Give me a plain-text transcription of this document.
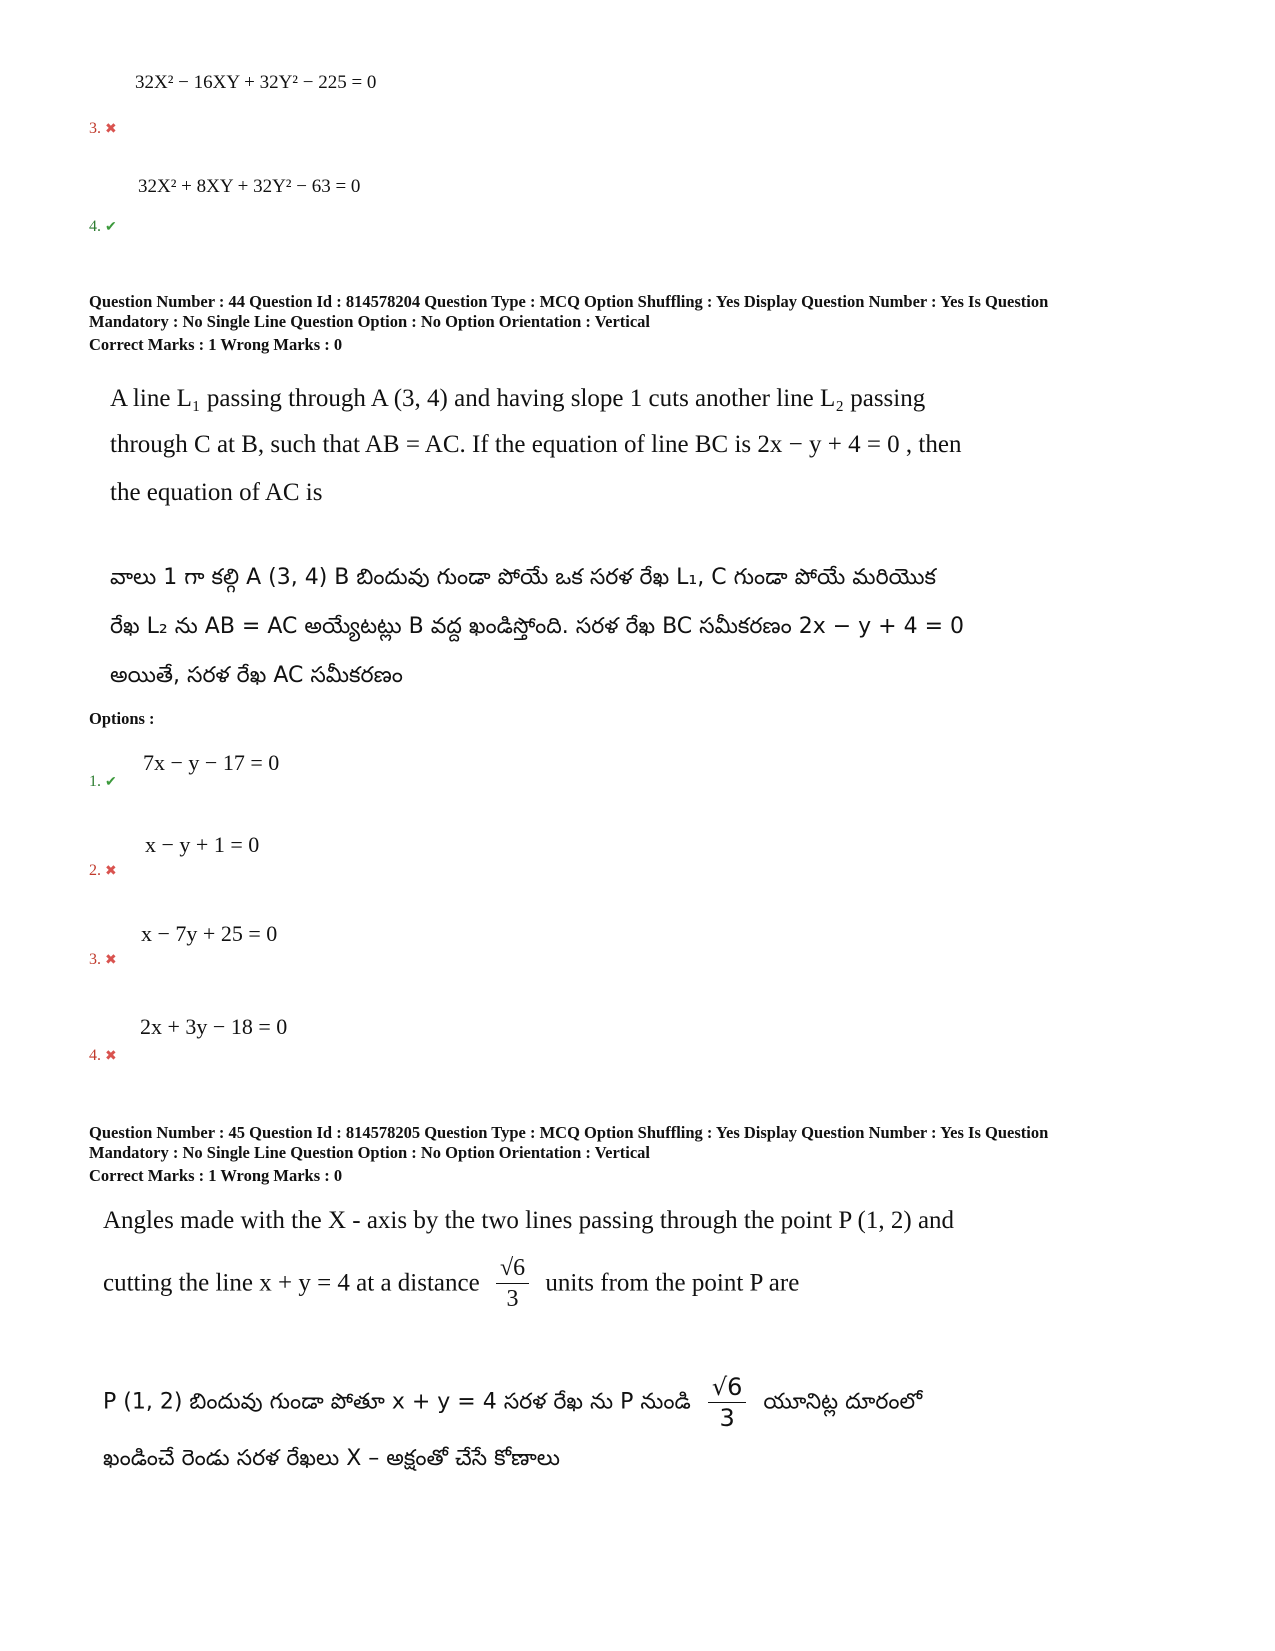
32X² − 16XY + 32Y² − 225 = 0
3. ✖
32X² + 8XY + 32Y² − 63 = 0
4. ✔
Question Number : 44 Question Id : 814578204 Question Type : MCQ Option Shuffling : Yes Display Question Number : Yes Is Question
Mandatory : No Single Line Question Option : No Option Orientation : Vertical
Correct Marks : 1 Wrong Marks : 0
A line L₁ passing through A (3, 4) and having slope 1 cuts another line L₂ passing
through C at B, such that AB = AC. If the equation of line BC is 2x − y + 4 = 0 , then
the equation of AC is
వాలు 1 గా కల్గి A (3, 4) B బిందువు గుండా పోయే ఒక సరళ రేఖ L₁, C గుండా పోయే మరియొక
రేఖ L₂ ను AB = AC అయ్యేటట్లు B వద్ద ఖండిస్తోంది. సరళ రేఖ BC సమీకరణం 2x − y + 4 = 0
అయితే, సరళ రేఖ AC సమీకరణం
Options :
7x − y − 17 = 0
1. ✔
x − y + 1 = 0
2. ✖
x − 7y + 25 = 0
3. ✖
2x + 3y − 18 = 0
4. ✖
Question Number : 45 Question Id : 814578205 Question Type : MCQ Option Shuffling : Yes Display Question Number : Yes Is Question
Mandatory : No Single Line Question Option : No Option Orientation : Vertical
Correct Marks : 1 Wrong Marks : 0
Angles made with the X - axis by the two lines passing through the point P (1, 2) and
cutting the line x + y = 4 at a distance $\frac{√6}{3}$ units from the point P are
P (1, 2) బిందువు గుండా పోతూ x + y = 4 సరళ రేఖ ను P నుండి $\frac{√6}{3}$ యూనిట్ల దూరంలో
ఖండించే రెండు సరళ రేఖలు X – అక్షంతో చేసే కోణాలు
